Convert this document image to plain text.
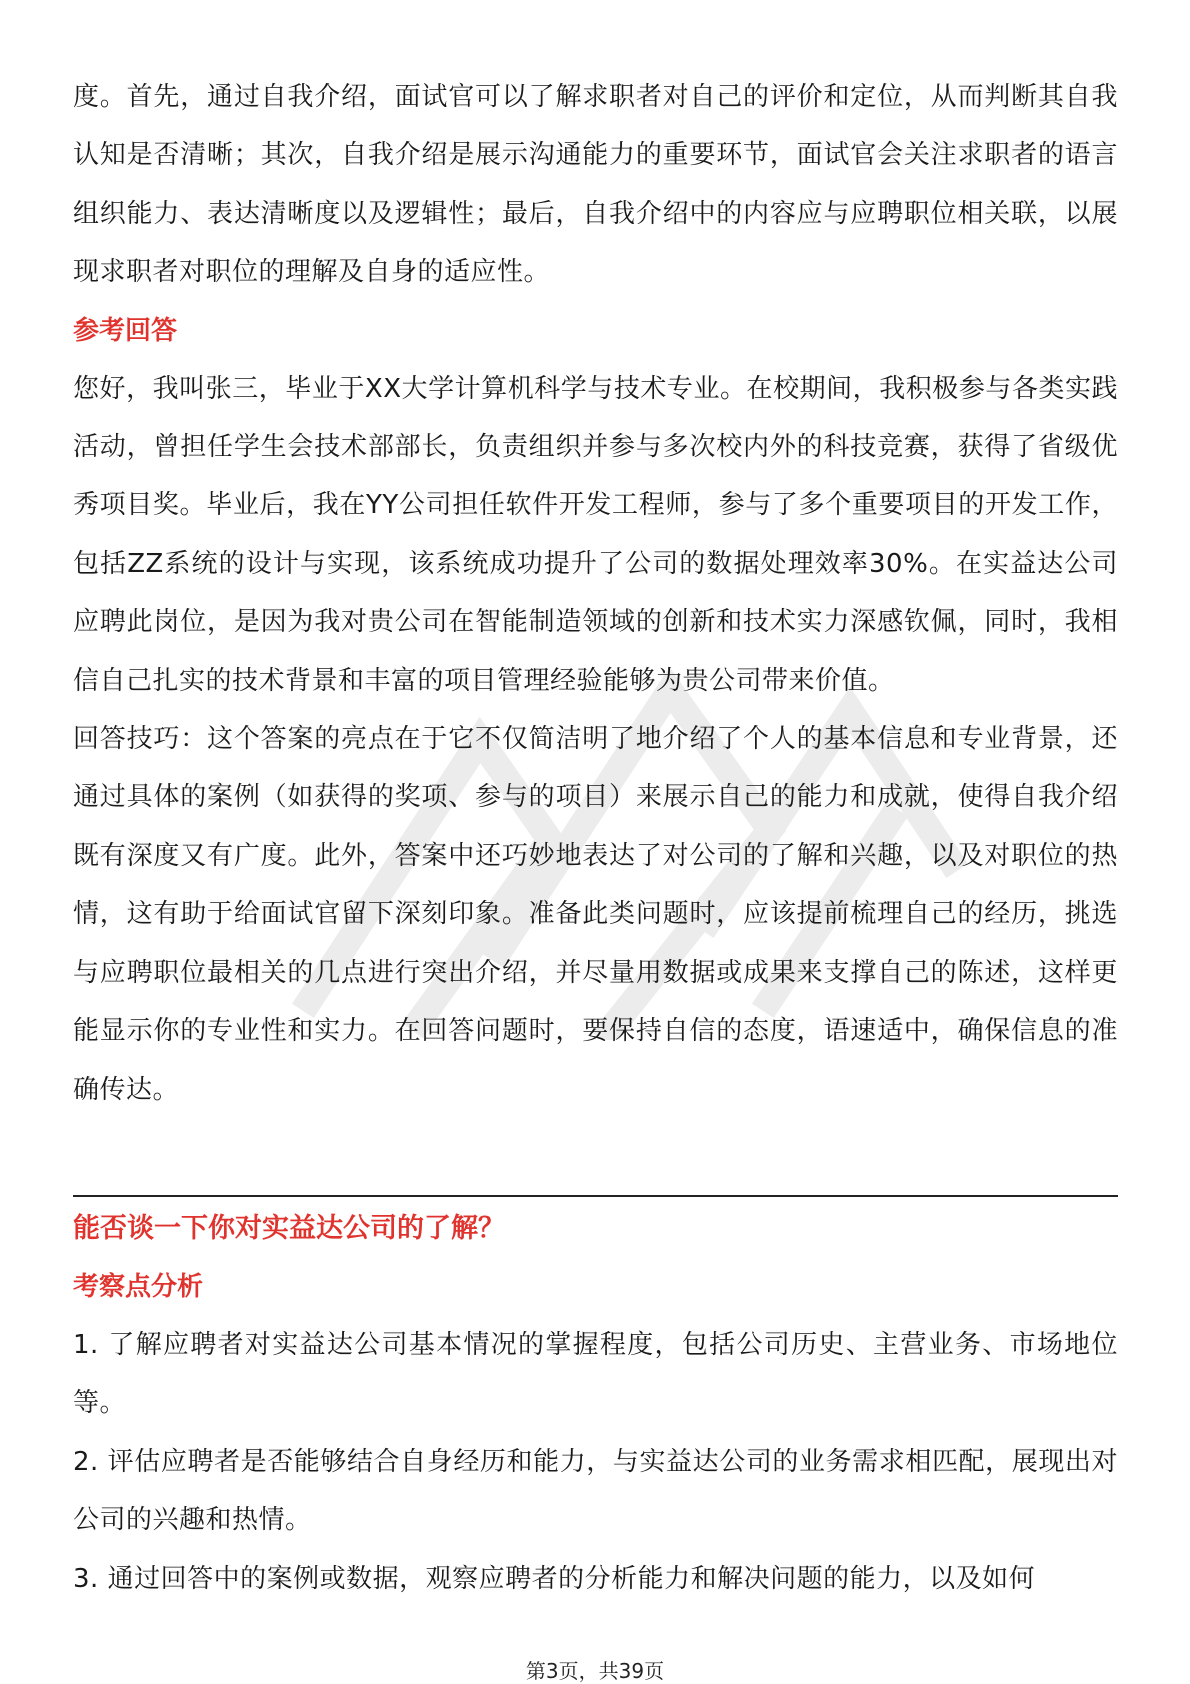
度。首先，通过自我介绍，面试官可以了解求职者对自己的评价和定位，从而判断其自我认知是否清晰；其次，自我介绍是展示沟通能力的重要环节，面试官会关注求职者的语言组织能力、表达清晰度以及逻辑性；最后，自我介绍中的内容应与应聘职位相关联，以展现求职者对职位的理解及自身的适应性。

参考回答

您好，我叫张三，毕业于XX大学计算机科学与技术专业。在校期间，我积极参与各类实践活动，曾担任学生会技术部部长，负责组织并参与多次校内外的科技竞赛，获得了省级优秀项目奖。毕业后，我在YY公司担任软件开发工程师，参与了多个重要项目的开发工作，包括ZZ系统的设计与实现，该系统成功提升了公司的数据处理效率30%。在实益达公司应聘此岗位，是因为我对贵公司在智能制造领域的创新和技术实力深感钦佩，同时，我相信自己扎实的技术背景和丰富的项目管理经验能够为贵公司带来价值。

回答技巧：这个答案的亮点在于它不仅简洁明了地介绍了个人的基本信息和专业背景，还通过具体的案例（如获得的奖项、参与的项目）来展示自己的能力和成就，使得自我介绍既有深度又有广度。此外，答案中还巧妙地表达了对公司的了解和兴趣，以及对职位的热情，这有助于给面试官留下深刻印象。准备此类问题时，应该提前梳理自己的经历，挑选与应聘职位最相关的几点进行突出介绍，并尽量用数据或成果来支撑自己的陈述，这样更能显示你的专业性和实力。在回答问题时，要保持自信的态度，语速适中，确保信息的准确传达。

能否谈一下你对实益达公司的了解？
考察点分析

1. 了解应聘者对实益达公司基本情况的掌握程度，包括公司历史、主营业务、市场地位等。

2. 评估应聘者是否能够结合自身经历和能力，与实益达公司的业务需求相匹配，展现出对公司的兴趣和热情。

3. 通过回答中的案例或数据，观察应聘者的分析能力和解决问题的能力，以及如何

第3页，共39页
